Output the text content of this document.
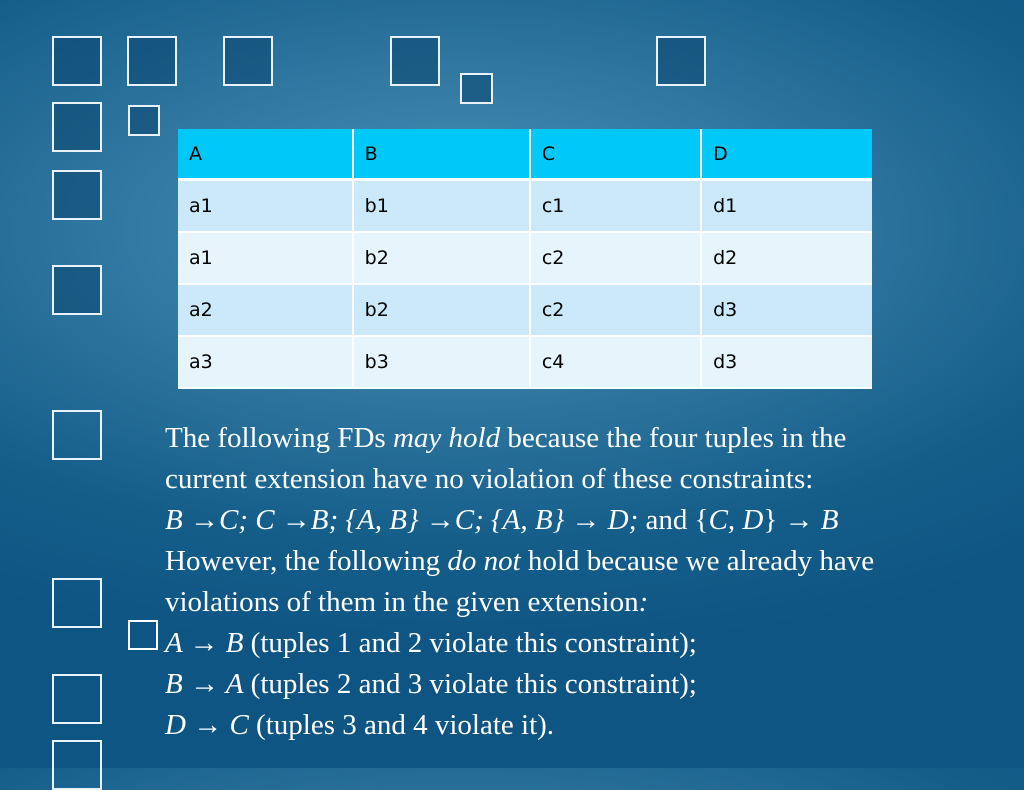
A	B	C	D
a1	b1	c1	d1
a1	b2	c2	d2
a2	b2	c2	d3
a3	b3	c4	d3
The following FDs may hold because the four tuples in the
current extension have no violation of these constraints:
B →C; C →B; {A, B} →C; {A, B} → D; and {C, D} → B
However, the following do not hold because we already have
violations of them in the given extension:
A → B (tuples 1 and 2 violate this constraint);
B → A (tuples 2 and 3 violate this constraint);
D → C (tuples 3 and 4 violate it).
